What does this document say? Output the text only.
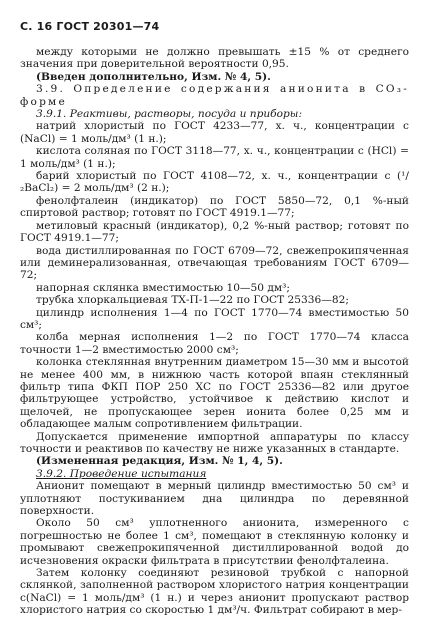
С. 16 ГОСТ 20301—74

между которыми не должно превышать ±15 % от среднего значения при доверительной вероятности 0,95.

(Введен дополнительно, Изм. № 4, 5).

3.9. Определение содержания анионита в CO₃-форме

3.9.1. Реактивы, растворы, посуда и приборы:

натрий хлористый по ГОСТ 4233—77, х. ч., концентрации c (NaCl) = 1 моль/дм³ (1 н.);

кислота соляная по ГОСТ 3118—77, х. ч., концентрации c (HCl) = 1 моль/дм³ (1 н.);

барий хлористый по ГОСТ 4108—72, х. ч., концентрации c (¹/₂BaCl₂) = 2 моль/дм³ (2 н.);

фенолфталеин (индикатор) по ГОСТ 5850—72, 0,1 %-ный спиртовой раствор; готовят по ГОСТ 4919.1—77;

метиловый красный (индикатор), 0,2 %-ный раствор; готовят по ГОСТ 4919.1—77;

вода дистиллированная по ГОСТ 6709—72, свежепрокипяченная или деминерализованная, отвечающая требованиям ГОСТ 6709—72;

напорная склянка вместимостью 10—50 дм³;

трубка хлоркальциевая ТХ-П-1—22 по ГОСТ 25336—82;

цилиндр исполнения 1—4 по ГОСТ 1770—74 вместимостью 50 см³;

колба мерная исполнения 1—2 по ГОСТ 1770—74 класса точности 1—2 вместимостью 2000 см³;

колонка стеклянная внутренним диаметром 15—30 мм и высотой не менее 400 мм, в нижнюю часть которой впаян стеклянный фильтр типа ФКП ПОР 250 ХС по ГОСТ 25336—82 или другое фильтрующее устройство, устойчивое к действию кислот и щелочей, не пропускающее зерен ионита более 0,25 мм и обладающее малым сопротивлением фильтрации.

Допускается применение импортной аппаратуры по классу точности и реактивов по качеству не ниже указанных в стандарте.

(Измененная редакция, Изм. № 1, 4, 5).

3.9.2. Проведение испытания

Анионит помещают в мерный цилиндр вместимостью 50 см³ и уплотняют постукиванием дна цилиндра по деревянной поверхности.

Около 50 см³ уплотненного анионита, измеренного с погрешностью не более 1 см³, помещают в стеклянную колонку и промывают свежепрокипяченной дистиллированной водой до исчезновения окраски фильтрата в присутствии фенолфталеина.

Затем колонку соединяют резиновой трубкой с напорной склянкой, заполненной раствором хлористого натрия концентрации c(NaCl) = 1 моль/дм³ (1 н.) и через анионит пропускают раствор хлористого натрия со скоростью 1 дм³/ч. Фильтрат собирают в мер-
